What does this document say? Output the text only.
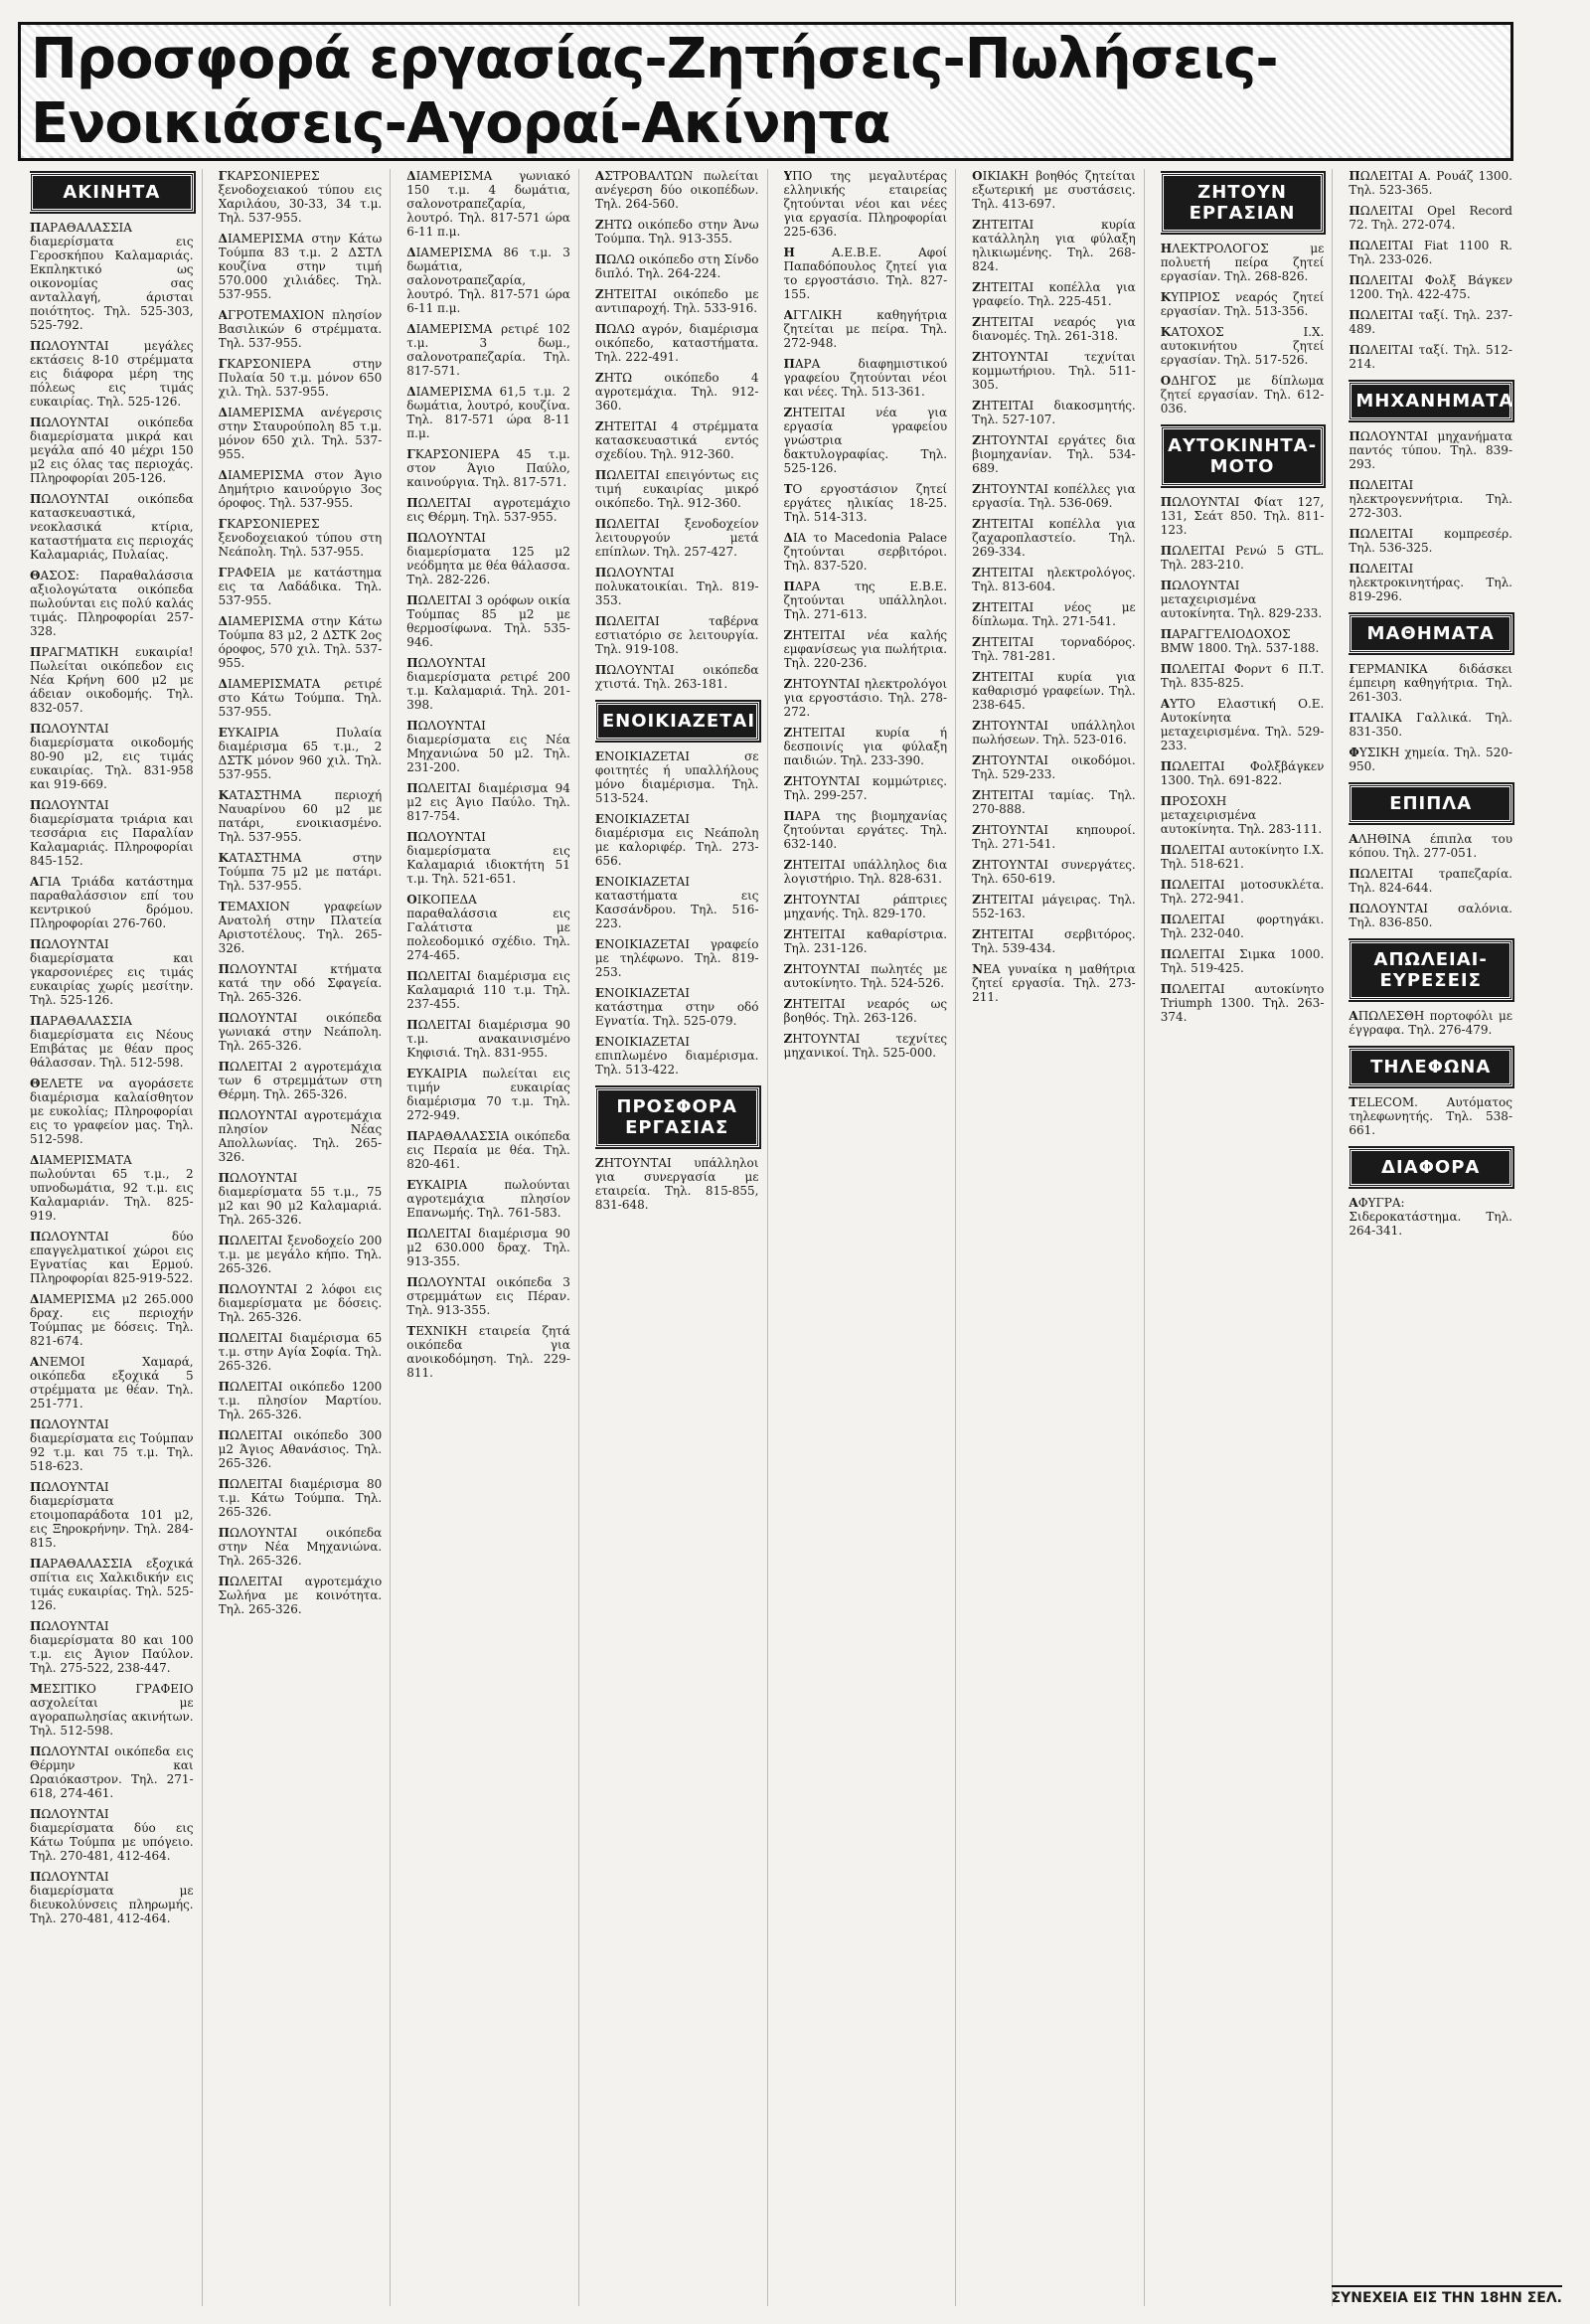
Προσφορά εργασίας-Ζητήσεις-Πωλήσεις-Ενοικιάσεις-Αγοραί-Ακίνητα
ΑΚΙΝΗΤΑ

ΠΑΡΑΘΑΛΑΣΣΙΑ διαμερίσματα εις Γεροσκήπου Καλαμαριάς. Εκπληκτικό ως οικονομίας σας ανταλλαγή, άρισται ποιότητος. Τηλ. 525-303, 525-792.

ΠΩΛΟΥΝΤΑΙ μεγάλες εκτάσεις 8-10 στρέμματα εις διάφορα μέρη της πόλεως εις τιμάς ευκαιρίας. Τηλ. 525-126.

ΠΩΛΟΥΝΤΑΙ οικόπεδα διαμερίσματα μικρά και μεγάλα από 40 μέχρι 150 μ2 εις όλας τας περιοχάς. Πληροφορίαι 205-126.

ΠΩΛΟΥΝΤΑΙ οικόπεδα κατασκευαστικά, νεοκλασικά κτίρια, καταστήματα εις περιοχάς Καλαμαριάς, Πυλαίας.

ΘΑΣΟΣ: Παραθαλάσσια αξιολογώτατα οικόπεδα πωλούνται εις πολύ καλάς τιμάς. Πληροφορίαι 257-328.

ΠΡΑΓΜΑΤΙΚΗ ευκαιρία! Πωλείται οικόπεδον εις Νέα Κρήνη 600 μ2 με άδειαν οικοδομής. Τηλ. 832-057.

ΠΩΛΟΥΝΤΑΙ διαμερίσματα οικοδομής 80-90 μ2, εις τιμάς ευκαιρίας. Τηλ. 831-958 και 919-669.

ΠΩΛΟΥΝΤΑΙ διαμερίσματα τριάρια και τεσσάρια εις Παραλίαν Καλαμαριάς. Πληροφορίαι 845-152.

ΑΓΙΑ Τριάδα κατάστημα παραθαλάσσιον επί του κεντρικού δρόμου. Πληροφορίαι 276-760.

ΠΩΛΟΥΝΤΑΙ διαμερίσματα και γκαρσονιέρες εις τιμάς ευκαιρίας χωρίς μεσίτην. Τηλ. 525-126.

ΠΑΡΑΘΑΛΑΣΣΙΑ διαμερίσματα εις Νέους Επιβάτας με θέαν προς θάλασσαν. Τηλ. 512-598.

ΘΕΛΕΤΕ να αγοράσετε διαμέρισμα καλαίσθητον με ευκολίας; Πληροφορίαι εις το γραφείον μας. Τηλ. 512-598.

ΔΙΑΜΕΡΙΣΜΑΤΑ πωλούνται 65 τ.μ., 2 υπνοδωμάτια, 92 τ.μ. εις Καλαμαριάν. Τηλ. 825-919.

ΠΩΛΟΥΝΤΑΙ δύο επαγγελματικοί χώροι εις Εγνατίας και Ερμού. Πληροφορίαι 825-919-522.

ΔΙΑΜΕΡΙΣΜΑ μ2 265.000 δραχ. εις περιοχήν Τούμπας με δόσεις. Τηλ. 821-674.

ΑΝΕΜΟΙ Χαμαρά, οικόπεδα εξοχικά 5 στρέμματα με θέαν. Τηλ. 251-771.

ΠΩΛΟΥΝΤΑΙ διαμερίσματα εις Τούμπαν 92 τ.μ. και 75 τ.μ. Τηλ. 518-623.

ΠΩΛΟΥΝΤΑΙ διαμερίσματα ετοιμοπαράδοτα 101 μ2, εις Ξηροκρήνην. Τηλ. 284-815.

ΠΑΡΑΘΑΛΑΣΣΙΑ εξοχικά σπίτια εις Χαλκιδικήν εις τιμάς ευκαιρίας. Τηλ. 525-126.

ΠΩΛΟΥΝΤΑΙ διαμερίσματα 80 και 100 τ.μ. εις Άγιον Παύλον. Τηλ. 275-522, 238-447.

ΜΕΣΙΤΙΚΟ ΓΡΑΦΕΙΟ ασχολείται με αγοραπωλησίας ακινήτων. Τηλ. 512-598.

ΠΩΛΟΥΝΤΑΙ οικόπεδα εις Θέρμην και Ωραιόκαστρον. Τηλ. 271-618, 274-461.

ΠΩΛΟΥΝΤΑΙ διαμερίσματα δύο εις Κάτω Τούμπα με υπόγειο. Τηλ. 270-481, 412-464.

ΠΩΛΟΥΝΤΑΙ διαμερίσματα με διευκολύνσεις πληρωμής. Τηλ. 270-481, 412-464.

ΓΚΑΡΣΟΝΙΕΡΕΣ ξενοδοχειακού τύπου εις Χαριλάου, 30-33, 34 τ.μ. Τηλ. 537-955.

ΔΙΑΜΕΡΙΣΜΑ στην Κάτω Τούμπα 83 τ.μ. 2 ΔΣΤΛ κουζίνα στην τιμή 570.000 χιλιάδες. Τηλ. 537-955.

ΑΓΡΟΤΕΜΑΧΙΟΝ πλησίον Βασιλικών 6 στρέμματα. Τηλ. 537-955.

ΓΚΑΡΣΟΝΙΕΡΑ στην Πυλαία 50 τ.μ. μόνον 650 χιλ. Τηλ. 537-955.

ΔΙΑΜΕΡΙΣΜΑ ανέγερσις στην Σταυρούπολη 85 τ.μ. μόνον 650 χιλ. Τηλ. 537-955.

ΔΙΑΜΕΡΙΣΜΑ στον Άγιο Δημήτριο καινούργιο 3ος όροφος. Τηλ. 537-955.

ΓΚΑΡΣΟΝΙΕΡΕΣ ξενοδοχειακού τύπου στη Νεάπολη. Τηλ. 537-955.

ΓΡΑΦΕΙΑ με κατάστημα εις τα Λαδάδικα. Τηλ. 537-955.

ΔΙΑΜΕΡΙΣΜΑ στην Κάτω Τούμπα 83 μ2, 2 ΔΣΤΚ 2ος όροφος, 570 χιλ. Τηλ. 537-955.

ΔΙΑΜΕΡΙΣΜΑΤΑ ρετιρέ στο Κάτω Τούμπα. Τηλ. 537-955.

ΕΥΚΑΙΡΙΑ Πυλαία διαμέρισμα 65 τ.μ., 2 ΔΣΤΚ μόνον 960 χιλ. Τηλ. 537-955.

ΚΑΤΑΣΤΗΜΑ περιοχή Ναυαρίνου 60 μ2 με πατάρι, ενοικιασμένο. Τηλ. 537-955.

ΚΑΤΑΣΤΗΜΑ στην Τούμπα 75 μ2 με πατάρι. Τηλ. 537-955.

ΤΕΜΑΧΙΟΝ γραφείων Ανατολή στην Πλατεία Αριστοτέλους. Τηλ. 265-326.

ΠΩΛΟΥΝΤΑΙ κτήματα κατά την οδό Σφαγεία. Τηλ. 265-326.

ΠΩΛΟΥΝΤΑΙ οικόπεδα γωνιακά στην Νεάπολη. Τηλ. 265-326.

ΠΩΛΕΙΤΑΙ 2 αγροτεμάχια των 6 στρεμμάτων στη Θέρμη. Τηλ. 265-326.

ΠΩΛΟΥΝΤΑΙ αγροτεμάχια πλησίον Νέας Απολλωνίας. Τηλ. 265-326.

ΠΩΛΟΥΝΤΑΙ διαμερίσματα 55 τ.μ., 75 μ2 και 90 μ2 Καλαμαριά. Τηλ. 265-326.

ΠΩΛΕΙΤΑΙ ξενοδοχείο 200 τ.μ. με μεγάλο κήπο. Τηλ. 265-326.

ΠΩΛΟΥΝΤΑΙ 2 λόφοι εις διαμερίσματα με δόσεις. Τηλ. 265-326.

ΠΩΛΕΙΤΑΙ διαμέρισμα 65 τ.μ. στην Αγία Σοφία. Τηλ. 265-326.

ΠΩΛΕΙΤΑΙ οικόπεδο 1200 τ.μ. πλησίον Μαρτίου. Τηλ. 265-326.

ΠΩΛΕΙΤΑΙ οικόπεδο 300 μ2 Άγιος Αθανάσιος. Τηλ. 265-326.

ΠΩΛΕΙΤΑΙ διαμέρισμα 80 τ.μ. Κάτω Τούμπα. Τηλ. 265-326.

ΠΩΛΟΥΝΤΑΙ οικόπεδα στην Νέα Μηχανιώνα. Τηλ. 265-326.

ΠΩΛΕΙΤΑΙ αγροτεμάχιο Σωλήνα με κοινότητα. Τηλ. 265-326.

ΔΙΑΜΕΡΙΣΜΑ γωνιακό 150 τ.μ. 4 δωμάτια, σαλονοτραπεζαρία, λουτρό. Τηλ. 817-571 ώρα 6-11 π.μ.

ΔΙΑΜΕΡΙΣΜΑ 86 τ.μ. 3 δωμάτια, σαλονοτραπεζαρία, λουτρό. Τηλ. 817-571 ώρα 6-11 π.μ.

ΔΙΑΜΕΡΙΣΜΑ ρετιρέ 102 τ.μ. 3 δωμ., σαλονοτραπεζαρία. Τηλ. 817-571.

ΔΙΑΜΕΡΙΣΜΑ 61,5 τ.μ. 2 δωμάτια, λουτρό, κουζίνα. Τηλ. 817-571 ώρα 8-11 π.μ.

ΓΚΑΡΣΟΝΙΕΡΑ 45 τ.μ. στον Άγιο Παύλο, καινούργια. Τηλ. 817-571.

ΠΩΛΕΙΤΑΙ αγροτεμάχιο εις Θέρμη. Τηλ. 537-955.

ΠΩΛΟΥΝΤΑΙ διαμερίσματα 125 μ2 νεόδμητα με θέα θάλασσα. Τηλ. 282-226.

ΠΩΛΕΙΤΑΙ 3 ορόφων οικία Τούμπας 85 μ2 με θερμοσίφωνα. Τηλ. 535-946.

ΠΩΛΟΥΝΤΑΙ διαμερίσματα ρετιρέ 200 τ.μ. Καλαμαριά. Τηλ. 201-398.

ΠΩΛΟΥΝΤΑΙ διαμερίσματα εις Νέα Μηχανιώνα 50 μ2. Τηλ. 231-200.

ΠΩΛΕΙΤΑΙ διαμέρισμα 94 μ2 εις Άγιο Παύλο. Τηλ. 817-754.

ΠΩΛΟΥΝΤΑΙ διαμερίσματα εις Καλαμαριά ιδιοκτήτη 51 τ.μ. Τηλ. 521-651.

ΟΙΚΟΠΕΔΑ παραθαλάσσια εις Γαλάτιστα με πολεοδομικό σχέδιο. Τηλ. 274-465.

ΠΩΛΕΙΤΑΙ διαμέρισμα εις Καλαμαριά 110 τ.μ. Τηλ. 237-455.

ΠΩΛΕΙΤΑΙ διαμέρισμα 90 τ.μ. ανακαινισμένο Κηφισιά. Τηλ. 831-955.

ΕΥΚΑΙΡΙΑ πωλείται εις τιμήν ευκαιρίας διαμέρισμα 70 τ.μ. Τηλ. 272-949.

ΠΑΡΑΘΑΛΑΣΣΙΑ οικόπεδα εις Περαία με θέα. Τηλ. 820-461.

ΕΥΚΑΙΡΙΑ πωλούνται αγροτεμάχια πλησίον Επανωμής. Τηλ. 761-583.

ΠΩΛΕΙΤΑΙ διαμέρισμα 90 μ2 630.000 δραχ. Τηλ. 913-355.

ΠΩΛΟΥΝΤΑΙ οικόπεδα 3 στρεμμάτων εις Πέραν. Τηλ. 913-355.

ΤΕΧΝΙΚΗ εταιρεία ζητά οικόπεδα για ανοικοδόμηση. Τηλ. 229-811.

ΑΣΤΡΟΒΑΛΤΩΝ πωλείται ανέγερση δύο οικοπέδων. Τηλ. 264-560.

ΖΗΤΩ οικόπεδο στην Άνω Τούμπα. Τηλ. 913-355.

ΠΩΛΩ οικόπεδο στη Σίνδο διπλό. Τηλ. 264-224.

ΖΗΤΕΙΤΑΙ οικόπεδο με αντιπαροχή. Τηλ. 533-916.

ΠΩΛΩ αγρόν, διαμέρισμα οικόπεδο, καταστήματα. Τηλ. 222-491.

ΖΗΤΩ οικόπεδο 4 αγροτεμάχια. Τηλ. 912-360.

ΖΗΤΕΙΤΑΙ 4 στρέμματα κατασκευαστικά εντός σχεδίου. Τηλ. 912-360.

ΠΩΛΕΙΤΑΙ επειγόντως εις τιμή ευκαιρίας μικρό οικόπεδο. Τηλ. 912-360.

ΠΩΛΕΙΤΑΙ ξενοδοχείον λειτουργούν μετά επίπλων. Τηλ. 257-427.

ΠΩΛΟΥΝΤΑΙ πολυκατοικίαι. Τηλ. 819-353.

ΠΩΛΕΙΤΑΙ ταβέρνα εστιατόριο σε λειτουργία. Τηλ. 919-108.

ΠΩΛΟΥΝΤΑΙ οικόπεδα χτιστά. Τηλ. 263-181.

ΕΝΟΙΚΙΑΖΕΤΑΙ

ΕΝΟΙΚΙΑΖΕΤΑΙ σε φοιτητές ή υπαλλήλους μόνο διαμέρισμα. Τηλ. 513-524.

ΕΝΟΙΚΙΑΖΕΤΑΙ διαμέρισμα εις Νεάπολη με καλοριφέρ. Τηλ. 273-656.

ΕΝΟΙΚΙΑΖΕΤΑΙ καταστήματα εις Κασσάνδρου. Τηλ. 516-223.

ΕΝΟΙΚΙΑΖΕΤΑΙ γραφείο με τηλέφωνο. Τηλ. 819-253.

ΕΝΟΙΚΙΑΖΕΤΑΙ κατάστημα στην οδό Εγνατία. Τηλ. 525-079.

ΕΝΟΙΚΙΑΖΕΤΑΙ επιπλωμένο διαμέρισμα. Τηλ. 513-422.

ΠΡΟΣΦΟΡΑ ΕΡΓΑΣΙΑΣ

ΖΗΤΟΥΝΤΑΙ υπάλληλοι για συνεργασία με εταιρεία. Τηλ. 815-855, 831-648.

ΥΠΟ της μεγαλυτέρας ελληνικής εταιρείας ζητούνται νέοι και νέες για εργασία. Πληροφορίαι 225-636.

Η Α.Ε.Β.Ε. Αφοί Παπαδόπουλος ζητεί για το εργοστάσιο. Τηλ. 827-155.

ΑΓΓΛΙΚΗ καθηγήτρια ζητείται με πείρα. Τηλ. 272-948.

ΠΑΡΑ διαφημιστικού γραφείου ζητούνται νέοι και νέες. Τηλ. 513-361.

ΖΗΤΕΙΤΑΙ νέα για εργασία γραφείου γνώστρια δακτυλογραφίας. Τηλ. 525-126.

ΤΟ εργοστάσιον ζητεί εργάτες ηλικίας 18-25. Τηλ. 514-313.

ΔΙΑ το Macedonia Palace ζητούνται σερβιτόροι. Τηλ. 837-520.

ΠΑΡΑ της Ε.Β.Ε. ζητούνται υπάλληλοι. Τηλ. 271-613.

ΖΗΤΕΙΤΑΙ νέα καλής εμφανίσεως για πωλήτρια. Τηλ. 220-236.

ΖΗΤΟΥΝΤΑΙ ηλεκτρολόγοι για εργοστάσιο. Τηλ. 278-272.

ΖΗΤΕΙΤΑΙ κυρία ή δεσποινίς για φύλαξη παιδιών. Τηλ. 233-390.

ΖΗΤΟΥΝΤΑΙ κομμώτριες. Τηλ. 299-257.

ΠΑΡΑ της βιομηχανίας ζητούνται εργάτες. Τηλ. 632-140.

ΖΗΤΕΙΤΑΙ υπάλληλος δια λογιστήριο. Τηλ. 828-631.

ΖΗΤΟΥΝΤΑΙ ράπτριες μηχανής. Τηλ. 829-170.

ΖΗΤΕΙΤΑΙ καθαρίστρια. Τηλ. 231-126.

ΖΗΤΟΥΝΤΑΙ πωλητές με αυτοκίνητο. Τηλ. 524-526.

ΖΗΤΕΙΤΑΙ νεαρός ως βοηθός. Τηλ. 263-126.

ΖΗΤΟΥΝΤΑΙ τεχνίτες μηχανικοί. Τηλ. 525-000.

ΟΙΚΙΑΚΗ βοηθός ζητείται εξωτερική με συστάσεις. Τηλ. 413-697.

ΖΗΤΕΙΤΑΙ κυρία κατάλληλη για φύλαξη ηλικιωμένης. Τηλ. 268-824.

ΖΗΤΕΙΤΑΙ κοπέλλα για γραφείο. Τηλ. 225-451.

ΖΗΤΕΙΤΑΙ νεαρός για διανομές. Τηλ. 261-318.

ΖΗΤΟΥΝΤΑΙ τεχνίται κομμωτήριου. Τηλ. 511-305.

ΖΗΤΕΙΤΑΙ διακοσμητής. Τηλ. 527-107.

ΖΗΤΟΥΝΤΑΙ εργάτες δια βιομηχανίαν. Τηλ. 534-689.

ΖΗΤΟΥΝΤΑΙ κοπέλλες για εργασία. Τηλ. 536-069.

ΖΗΤΕΙΤΑΙ κοπέλλα για ζαχαροπλαστείο. Τηλ. 269-334.

ΖΗΤΕΙΤΑΙ ηλεκτρολόγος. Τηλ. 813-604.

ΖΗΤΕΙΤΑΙ νέος με δίπλωμα. Τηλ. 271-541.

ΖΗΤΕΙΤΑΙ τορναδόρος. Τηλ. 781-281.

ΖΗΤΕΙΤΑΙ κυρία για καθαρισμό γραφείων. Τηλ. 238-645.

ΖΗΤΟΥΝΤΑΙ υπάλληλοι πωλήσεων. Τηλ. 523-016.

ΖΗΤΟΥΝΤΑΙ οικοδόμοι. Τηλ. 529-233.

ΖΗΤΕΙΤΑΙ ταμίας. Τηλ. 270-888.

ΖΗΤΟΥΝΤΑΙ κηπουροί. Τηλ. 271-541.

ΖΗΤΟΥΝΤΑΙ συνεργάτες. Τηλ. 650-619.

ΖΗΤΕΙΤΑΙ μάγειρας. Τηλ. 552-163.

ΖΗΤΕΙΤΑΙ σερβιτόρος. Τηλ. 539-434.

ΝΕΑ γυναίκα η μαθήτρια ζητεί εργασία. Τηλ. 273-211.

ΖΗΤΟΥΝ ΕΡΓΑΣΙΑΝ

ΗΛΕΚΤΡΟΛΟΓΟΣ με πολυετή πείρα ζητεί εργασίαν. Τηλ. 268-826.

ΚΥΠΡΙΟΣ νεαρός ζητεί εργασίαν. Τηλ. 513-356.

ΚΑΤΟΧΟΣ Ι.Χ. αυτοκινήτου ζητεί εργασίαν. Τηλ. 517-526.

ΟΔΗΓΟΣ με δίπλωμα ζητεί εργασίαν. Τηλ. 612-036.

ΑΥΤΟΚΙΝΗΤΑ-ΜΟΤΟ

ΠΩΛΟΥΝΤΑΙ Φίατ 127, 131, Σεάτ 850. Τηλ. 811-123.

ΠΩΛΕΙΤΑΙ Ρενώ 5 GTL. Τηλ. 283-210.

ΠΩΛΟΥΝΤΑΙ μεταχειρισμένα αυτοκίνητα. Τηλ. 829-233.

ΠΑΡΑΓΓΕΛΙΟΔΟΧΟΣ BMW 1800. Τηλ. 537-188.

ΠΩΛΕΙΤΑΙ Φορντ 6 Π.Τ. Τηλ. 835-825.

ΑΥΤΟ Ελαστική Ο.Ε. Αυτοκίνητα μεταχειρισμένα. Τηλ. 529-233.

ΠΩΛΕΙΤΑΙ Φολξβάγκεν 1300. Τηλ. 691-822.

ΠΡΟΣΟΧΗ μεταχειρισμένα αυτοκίνητα. Τηλ. 283-111.

ΠΩΛΕΙΤΑΙ αυτοκίνητο Ι.Χ. Τηλ. 518-621.

ΠΩΛΕΙΤΑΙ μοτοσυκλέτα. Τηλ. 272-941.

ΠΩΛΕΙΤΑΙ φορτηγάκι. Τηλ. 232-040.

ΠΩΛΕΙΤΑΙ Σιμκα 1000. Τηλ. 519-425.

ΠΩΛΕΙΤΑΙ αυτοκίνητο Triumph 1300. Τηλ. 263-374.

ΠΩΛΕΙΤΑΙ Α. Ρουάζ 1300. Τηλ. 523-365.

ΠΩΛΕΙΤΑΙ Opel Record 72. Τηλ. 272-074.

ΠΩΛΕΙΤΑΙ Fiat 1100 R. Τηλ. 233-026.

ΠΩΛΕΙΤΑΙ Φολξ Βάγκεν 1200. Τηλ. 422-475.

ΠΩΛΕΙΤΑΙ ταξί. Τηλ. 237-489.

ΠΩΛΕΙΤΑΙ ταξί. Τηλ. 512-214.

ΜΗΧΑΝΗΜΑΤΑ

ΠΩΛΟΥΝΤΑΙ μηχανήματα παντός τύπου. Τηλ. 839-293.

ΠΩΛΕΙΤΑΙ ηλεκτρογεννήτρια. Τηλ. 272-303.

ΠΩΛΕΙΤΑΙ κομπρεσέρ. Τηλ. 536-325.

ΠΩΛΕΙΤΑΙ ηλεκτροκινητήρας. Τηλ. 819-296.

ΜΑΘΗΜΑΤΑ

ΓΕΡΜΑΝΙΚΑ διδάσκει έμπειρη καθηγήτρια. Τηλ. 261-303.

ΙΤΑΛΙΚΑ Γαλλικά. Τηλ. 831-350.

ΦΥΣΙΚΗ χημεία. Τηλ. 520-950.

ΕΠΙΠΛΑ

ΑΛΗΘΙΝΑ έπιπλα του κόπου. Τηλ. 277-051.

ΠΩΛΕΙΤΑΙ τραπεζαρία. Τηλ. 824-644.

ΠΩΛΟΥΝΤΑΙ σαλόνια. Τηλ. 836-850.

ΑΠΩΛΕΙΑΙ-ΕΥΡΕΣΕΙΣ

ΑΠΩΛΕΣΘΗ πορτοφόλι με έγγραφα. Τηλ. 276-479.

ΤΗΛΕΦΩΝΑ

TELECOM. Αυτόματος τηλεφωνητής. Τηλ. 538-661.

ΔΙΑΦΟΡΑ

ΑΦΥΓΡΑ: Σιδεροκατάστημα. Τηλ. 264-341.

ΣΥΝΕΧΕΙΑ ΕΙΣ ΤΗΝ 18ΗΝ ΣΕΛ.
